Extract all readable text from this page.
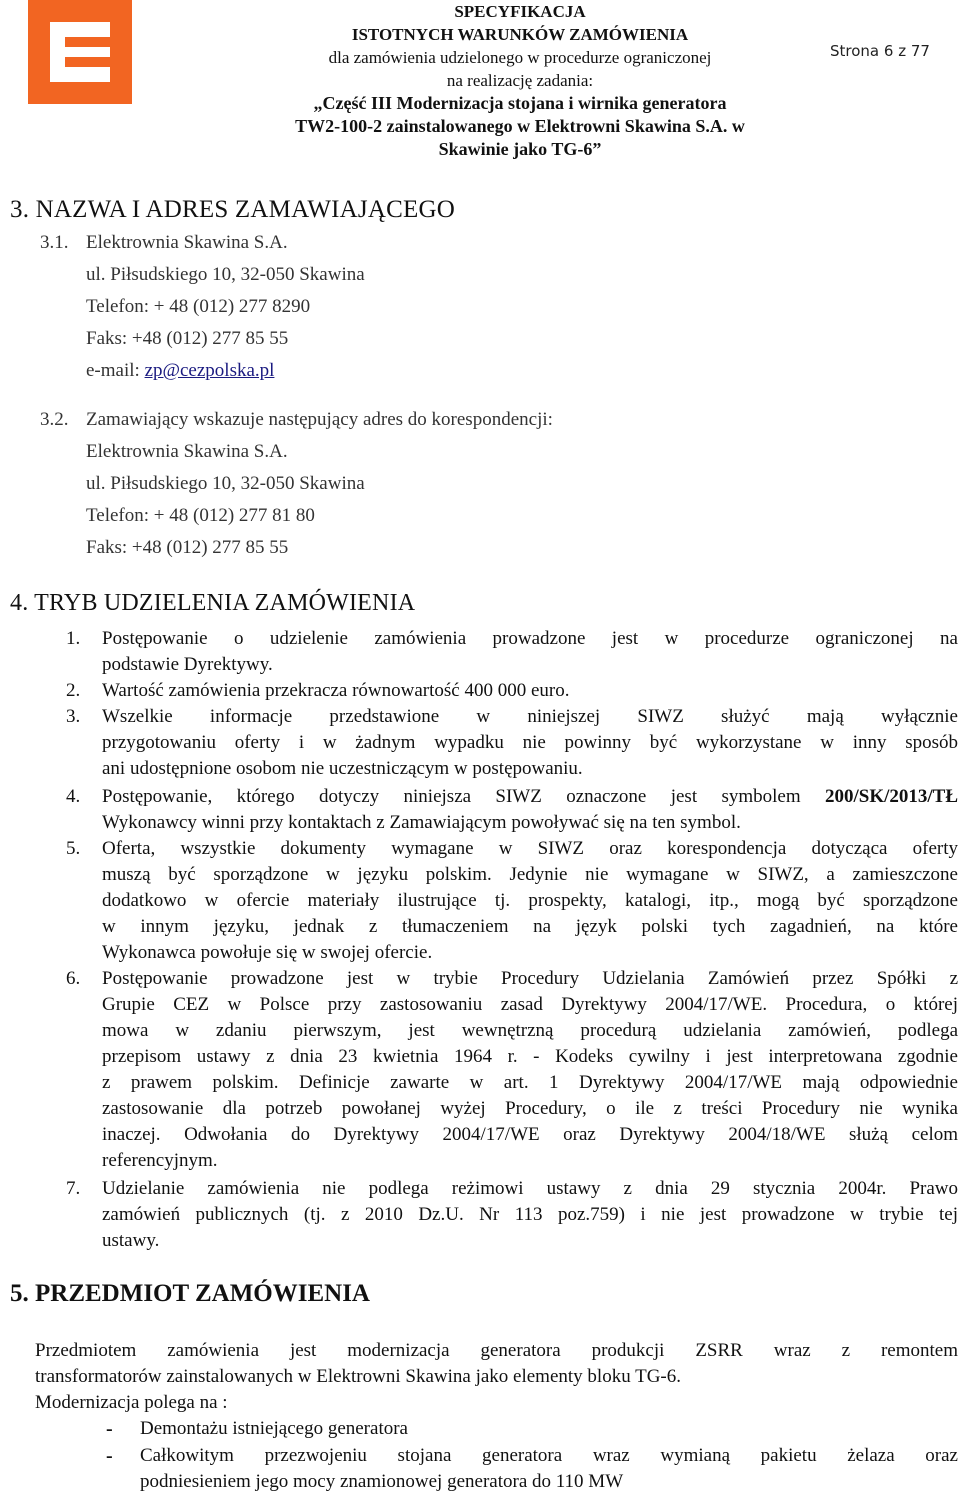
SPECYFIKACJA
ISTOTNYCH WARUNKÓW ZAMÓWIENIA
dla zamówienia udzielonego w procedurze ograniczonej
na realizację zadania:
„Część III Modernizacja stojana i wirnika generatora
TW2-100-2 zainstalowanego w Elektrowni Skawina S.A. w
Skawinie jako TG-6”
Strona 6 z 77
3. NAZWA I ADRES ZAMAWIAJĄCEGO
3.1. Elektrownia Skawina S.A.
ul. Piłsudskiego 10, 32-050 Skawina
Telefon: + 48 (012) 277 8290
Faks: +48 (012) 277 85 55
e-mail: zp@cezpolska.pl
3.2. Zamawiający wskazuje następujący adres do korespondencji:
Elektrownia Skawina S.A.
ul. Piłsudskiego 10, 32-050 Skawina
Telefon: + 48 (012) 277 81 80
Faks: +48 (012) 277 85 55
4. TRYB UDZIELENIA ZAMÓWIENIA
1. Postępowanie o udzielenie zamówienia prowadzone jest w procedurze ograniczonej na
podstawie Dyrektywy.
2. Wartość zamówienia przekracza równowartość 400 000 euro.
3. Wszelkie informacje przedstawione w niniejszej SIWZ służyć mają wyłącznie
przygotowaniu oferty i w żadnym wypadku nie powinny być wykorzystane w inny sposób
ani udostępnione osobom nie uczestniczącym w postępowaniu.
4. Postępowanie, którego dotyczy niniejsza SIWZ oznaczone jest symbolem 200/SK/2013/TŁ
Wykonawcy winni przy kontaktach z Zamawiającym powoływać się na ten symbol.
5. Oferta, wszystkie dokumenty wymagane w SIWZ oraz korespondencja dotycząca oferty
muszą być sporządzone w języku polskim. Jedynie nie wymagane w SIWZ, a zamieszczone
dodatkowo w ofercie materiały ilustrujące tj. prospekty, katalogi, itp., mogą być sporządzone
w innym języku, jednak z tłumaczeniem na język polski tych zagadnień, na które
Wykonawca powołuje się w swojej ofercie.
6. Postępowanie prowadzone jest w trybie Procedury Udzielania Zamówień przez Spółki z
Grupie CEZ w Polsce przy zastosowaniu zasad Dyrektywy 2004/17/WE. Procedura, o której
mowa w zdaniu pierwszym, jest wewnętrzną procedurą udzielania zamówień, podlega
przepisom ustawy z dnia 23 kwietnia 1964 r. - Kodeks cywilny i jest interpretowana zgodnie
z prawem polskim. Definicje zawarte w art. 1 Dyrektywy 2004/17/WE mają odpowiednie
zastosowanie dla potrzeb powołanej wyżej Procedury, o ile z treści Procedury nie wynika
inaczej. Odwołania do Dyrektywy 2004/17/WE oraz Dyrektywy 2004/18/WE służą celom
referencyjnym.
7. Udzielanie zamówienia nie podlega reżimowi ustawy z dnia 29 stycznia 2004r. Prawo
zamówień publicznych (tj. z 2010 Dz.U. Nr 113 poz.759) i nie jest prowadzone w trybie tej
ustawy.
5. PRZEDMIOT ZAMÓWIENIA
Przedmiotem zamówienia jest modernizacja generatora produkcji ZSRR wraz z remontem
transformatorów zainstalowanych w Elektrowni Skawina jako elementy bloku TG-6.
Modernizacja polega na :
- Demontażu istniejącego generatora
- Całkowitym przezwojeniu stojana generatora wraz wymianą pakietu żelaza oraz
podniesieniem jego mocy znamionowej generatora do 110 MW
